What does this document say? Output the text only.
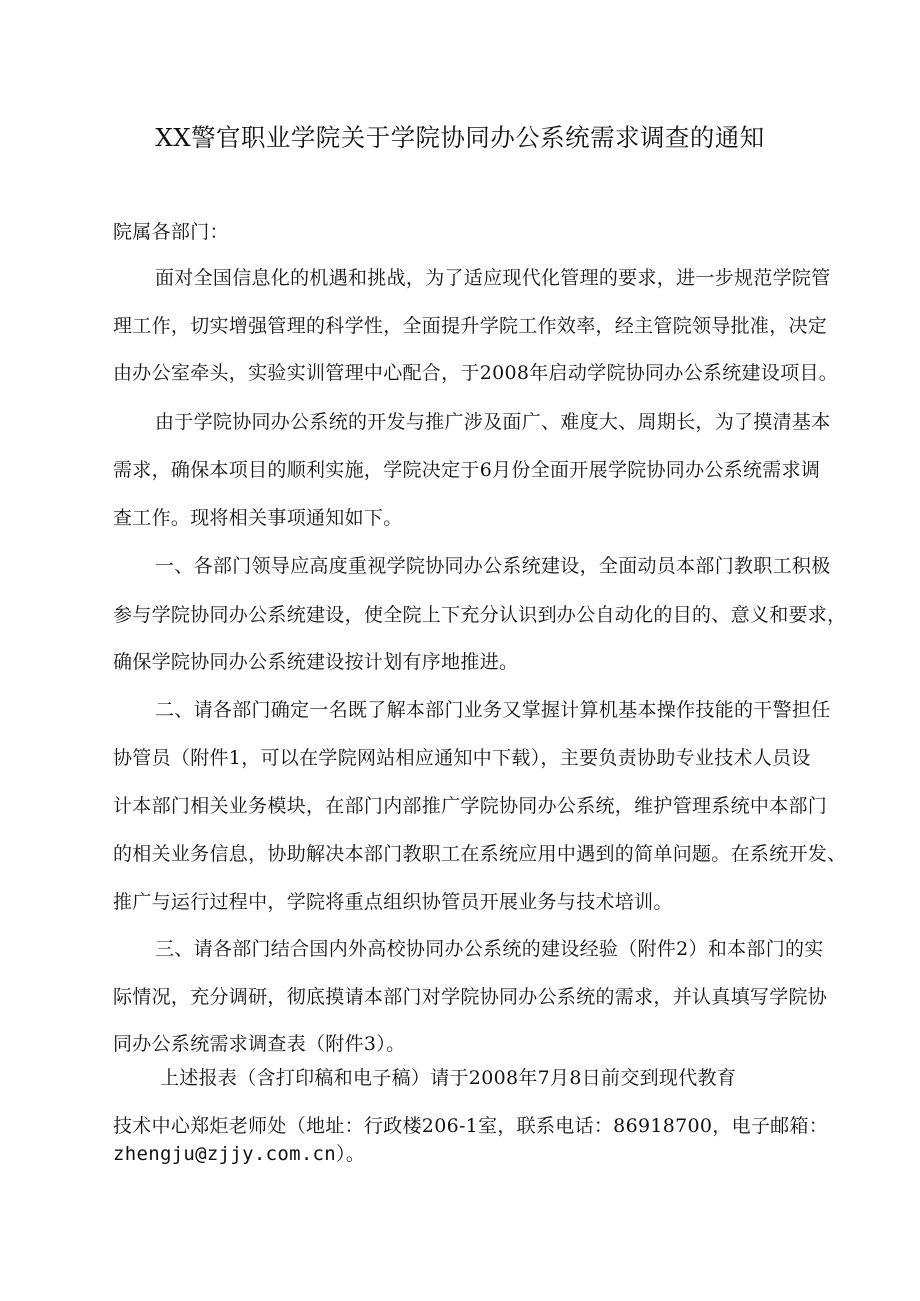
XX警官职业学院关于学院协同办公系统需求调查的通知
院属各部门：
面对全国信息化的机遇和挑战，为了适应现代化管理的要求，进一步规范学院管
理工作，切实增强管理的科学性，全面提升学院工作效率，经主管院领导批准，决定
由办公室牵头，实验实训管理中心配合，于2008年启动学院协同办公系统建设项目。
由于学院协同办公系统的开发与推广涉及面广、难度大、周期长，为了摸清基本
需求，确保本项目的顺利实施，学院决定于6月份全面开展学院协同办公系统需求调
查工作。现将相关事项通知如下。
一、各部门领导应高度重视学院协同办公系统建设，全面动员本部门教职工积极
参与学院协同办公系统建设，使全院上下充分认识到办公自动化的目的、意义和要求，
确保学院协同办公系统建设按计划有序地推进。
二、请各部门确定一名既了解本部门业务又掌握计算机基本操作技能的干警担任
协管员（附件1，可以在学院网站相应通知中下载），主要负责协助专业技术人员设
计本部门相关业务模块，在部门内部推广学院协同办公系统，维护管理系统中本部门
的相关业务信息，协助解决本部门教职工在系统应用中遇到的简单问题。在系统开发、
推广与运行过程中，学院将重点组织协管员开展业务与技术培训。
三、请各部门结合国内外高校协同办公系统的建设经验（附件2）和本部门的实
际情况，充分调研，彻底摸请本部门对学院协同办公系统的需求，并认真填写学院协
同办公系统需求调查表（附件3）。
上述报表（含打印稿和电子稿）请于2008年7月8日前交到现代教育
技术中心郑炬老师处（地址：行政楼206-1室，联系电话：86918700，电子邮箱：
zhengju@zjjy.com.cn）。
